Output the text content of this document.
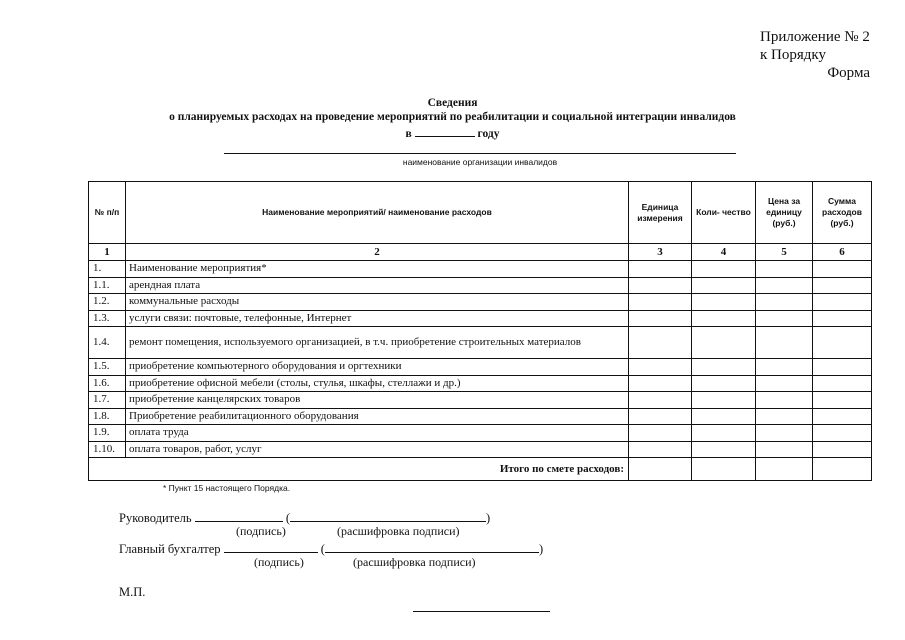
Приложение № 2
к Порядку
Форма
Сведения
о планируемых расходах на проведение мероприятий по реабилитации и социальной интеграции инвалидов
в	году
наименование организации инвалидов
№ п/п	Наименование мероприятий/ наименование расходов	Единица измерения	Коли- чество	Цена за единицу (руб.)	Сумма расходов (руб.)
1	2	3	4	5	6
1.	Наименование мероприятия*				
1.1.	арендная плата				
1.2.	коммунальные расходы				
1.3.	услуги связи: почтовые, телефонные, Интернет				
1.4.	ремонт помещения, используемого организацией, в т.ч. приобретение строительных материалов				
1.5.	приобретение компьютерного оборудования и оргтехники				
1.6.	приобретение офисной мебели (столы, стулья, шкафы, стеллажи и др.)				
1.7.	приобретение канцелярских товаров				
1.8.	Приобретение реабилитационного оборудования				
1.9.	оплата труда				
1.10.	оплата товаров, работ, услуг				
Итого по смете расходов:					
* Пункт 15 настоящего Порядка.
Руководитель	(	)
(подпись)	(расшифровка подписи)
Главный бухгалтер	(	)
(подпись)	(расшифровка подписи)
М.П.
